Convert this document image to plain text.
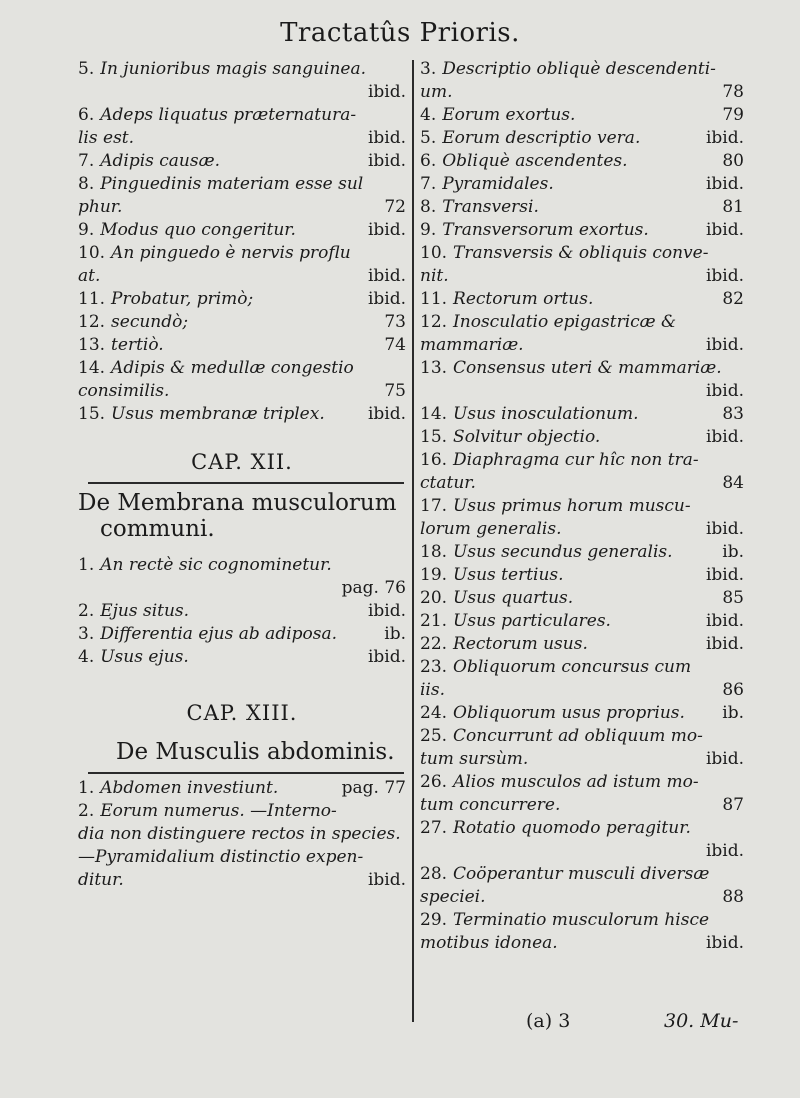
Tractatûs Prioris.
5. In junioribus magis sanguinea.
ibid.
6. Adeps liquatus præternatura-
lis est.	ibid.
7. Adipis causæ.	ibid.
8. Pinguedinis materiam esse sul
phur.	72
9. Modus quo congeritur.	ibid.
10. An pinguedo è nervis proflu
at.	ibid.
11. Probatur, primò;	ibid.
12. secundò;	73
13. tertiò.	74
14. Adipis & medullæ congestio
consimilis.	75
15. Usus membranæ triplex.	ibid.
CAP. XII.
De Membrana musculorum
communi.
1. An rectè sic cognominetur.
pag. 76
2. Ejus situs.	ibid.
3. Differentia ejus ab adiposa.	ib.
4. Usus ejus.	ibid.
CAP. XIII.
De Musculis abdominis.
1. Abdomen investiunt.	pag. 77
2. Eorum numerus. —Interno-
dia non distinguere rectos in species.
—Pyramidalium distinctio expen-
ditur.	ibid.
3. Descriptio obliquè descendenti-
um.	78
4. Eorum exortus.	79
5. Eorum descriptio vera.	ibid.
6. Obliquè ascendentes.	80
7. Pyramidales.	ibid.
8. Transversi.	81
9. Transversorum exortus.	ibid.
10. Transversis & obliquis conve-
nit.	ibid.
11. Rectorum ortus.	82
12. Inosculatio epigastricæ &
mammariæ.	ibid.
13. Consensus uteri & mammariæ.
ibid.
14. Usus inosculationum.	83
15. Solvitur objectio.	ibid.
16. Diaphragma cur hîc non tra-
ctatur.	84
17. Usus primus horum muscu-
lorum generalis.	ibid.
18. Usus secundus generalis.	ib.
19. Usus tertius.	ibid.
20. Usus quartus.	85
21. Usus particulares.	ibid.
22. Rectorum usus.	ibid.
23. Obliquorum concursus cum
iis.	86
24. Obliquorum usus proprius.	ib.
25. Concurrunt ad obliquum mo-
tum sursùm.	ibid.
26. Alios musculos ad istum mo-
tum concurrere.	87
27. Rotatio quomodo peragitur.
ibid.
28. Coöperantur musculi diversæ
speciei.	88
29. Terminatio musculorum hisce
motibus idonea.	ibid.
(a) 3	30. Mu-
